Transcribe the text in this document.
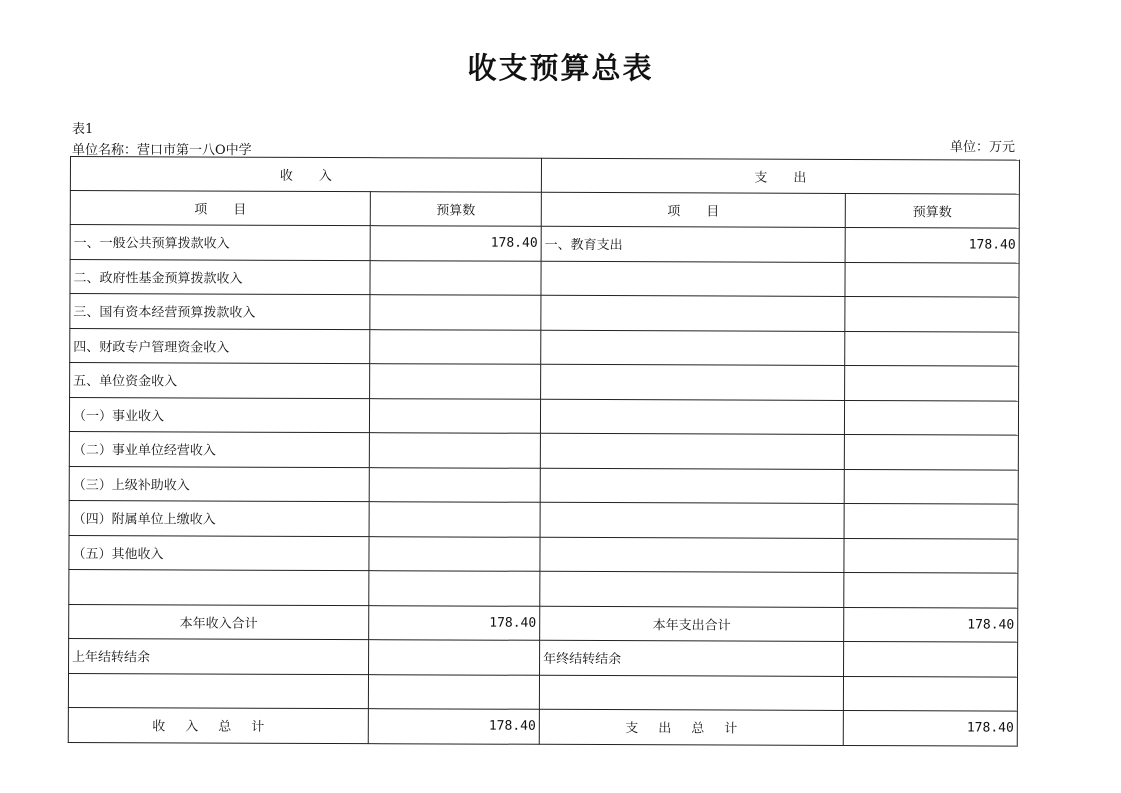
收支预算总表
表1
单位名称：营口市第一八O中学	单位：万元
收　　入		支　　出	
项　　目	预算数	项　　目	预算数
一、一般公共预算拨款收入	178.40	一、教育支出	178.40
二、政府性基金预算拨款收入			
三、国有资本经营预算拨款收入			
四、财政专户管理资金收入			
五、单位资金收入			
（一）事业收入			
（二）事业单位经营收入			
（三）上级补助收入			
（四）附属单位上缴收入			
（五）其他收入			

本年收入合计	178.40	本年支出合计	178.40
上年结转结余		年终结转结余	

收入总计	178.40	支出总计	178.40
